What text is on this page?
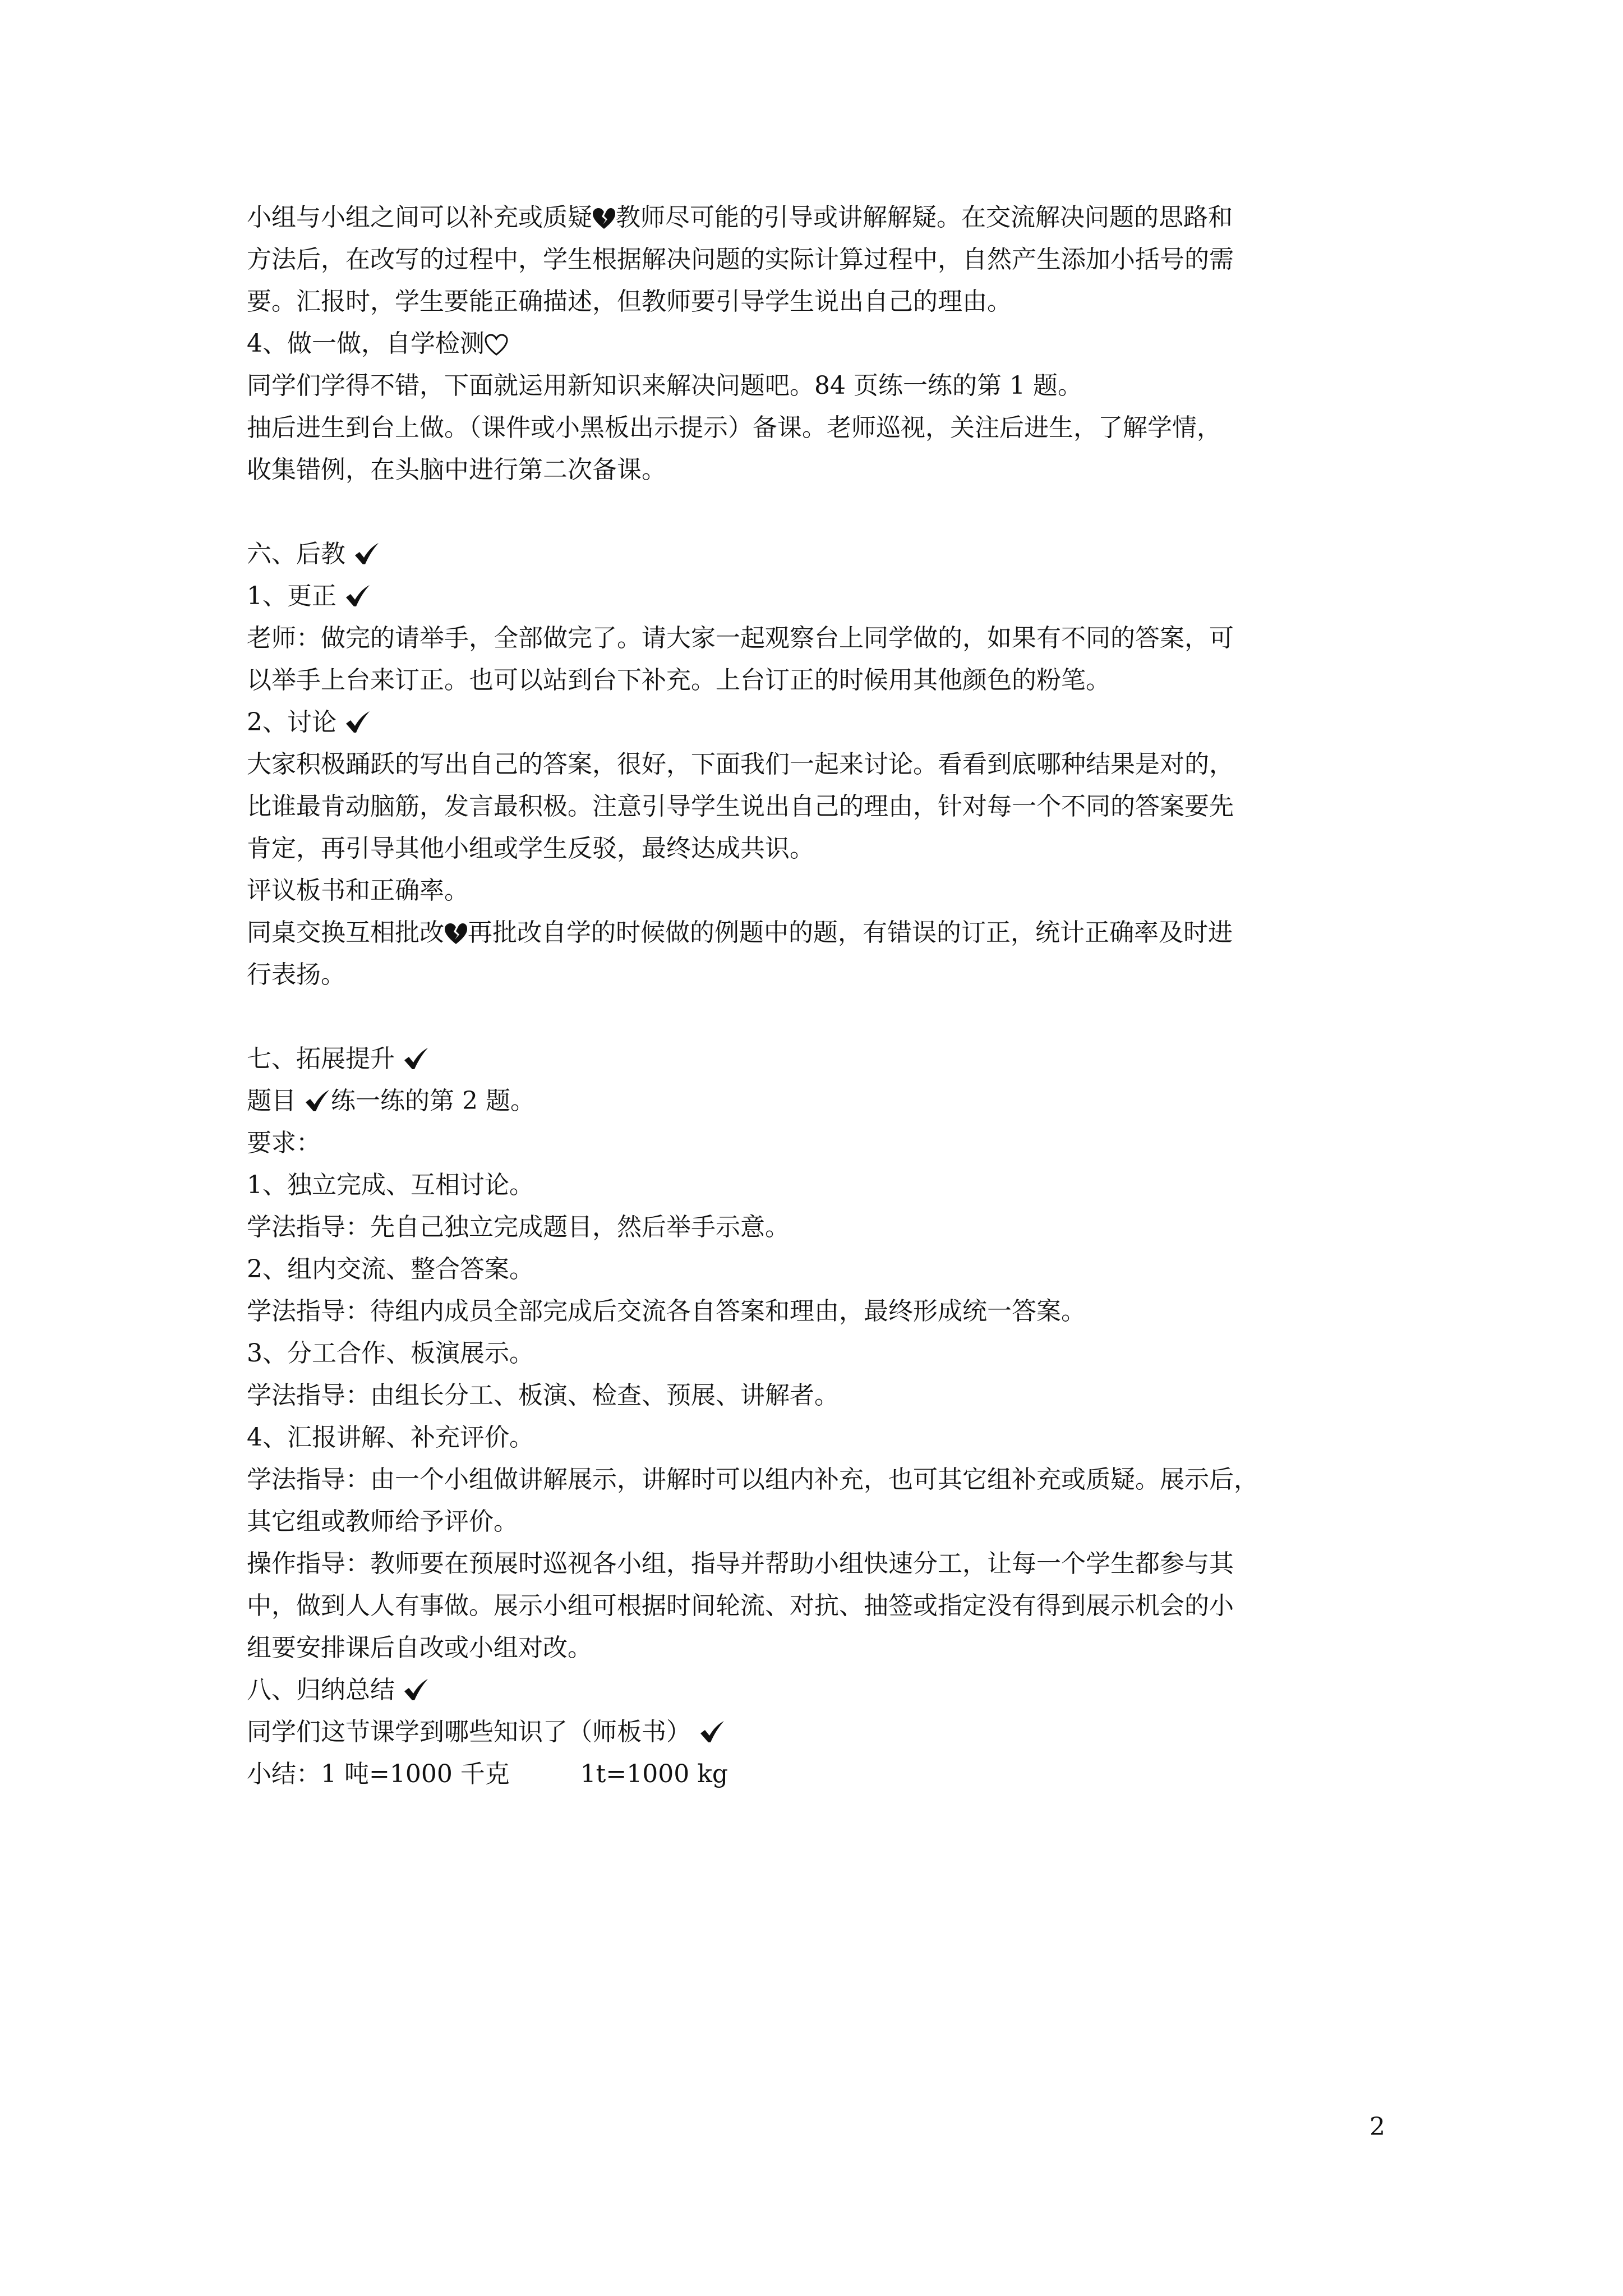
小组与小组之间可以补充或质疑 教师尽可能的引导或讲解解疑。在交流解决问题的思路和
方法后，在改写的过程中，学生根据解决问题的实际计算过程中，自然产生添加小括号的需
要。汇报时，学生要能正确描述，但教师要引导学生说出自己的理由。
4、做一做，自学检测
同学们学得不错，下面就运用新知识来解决问题吧。84 页练一练的第 1 题。
抽后进生到台上做。（课件或小黑板出示提示）备课。老师巡视，关注后进生，了解学情，
收集错例，在头脑中进行第二次备课。
六、后教
1、更正
老师：做完的请举手，全部做完了。请大家一起观察台上同学做的，如果有不同的答案，可
以举手上台来订正。也可以站到台下补充。上台订正的时候用其他颜色的粉笔。
2、讨论
大家积极踊跃的写出自己的答案，很好，下面我们一起来讨论。看看到底哪种结果是对的，
比谁最肯动脑筋，发言最积极。注意引导学生说出自己的理由，针对每一个不同的答案要先
肯定，再引导其他小组或学生反驳，最终达成共识。
评议板书和正确率。
同桌交换互相批改 再批改自学的时候做的例题中的题，有错误的订正，统计正确率及时进
行表扬。
七、拓展提升
题目 练一练的第 2 题。
要求：
1、独立完成、互相讨论。
学法指导：先自己独立完成题目，然后举手示意。
2、组内交流、整合答案。
学法指导：待组内成员全部完成后交流各自答案和理由，最终形成统一答案。
3、分工合作、板演展示。
学法指导：由组长分工、板演、检查、预展、讲解者。
4、汇报讲解、补充评价。
学法指导：由一个小组做讲解展示，讲解时可以组内补充，也可其它组补充或质疑。展示后，
其它组或教师给予评价。
操作指导：教师要在预展时巡视各小组，指导并帮助小组快速分工，让每一个学生都参与其
中，做到人人有事做。展示小组可根据时间轮流、对抗、抽签或指定没有得到展示机会的小
组要安排课后自改或小组对改。
八、归纳总结
同学们这节课学到哪些知识了（师板书）
小结：1 吨=1000 千克         1t=1000 kg
2
